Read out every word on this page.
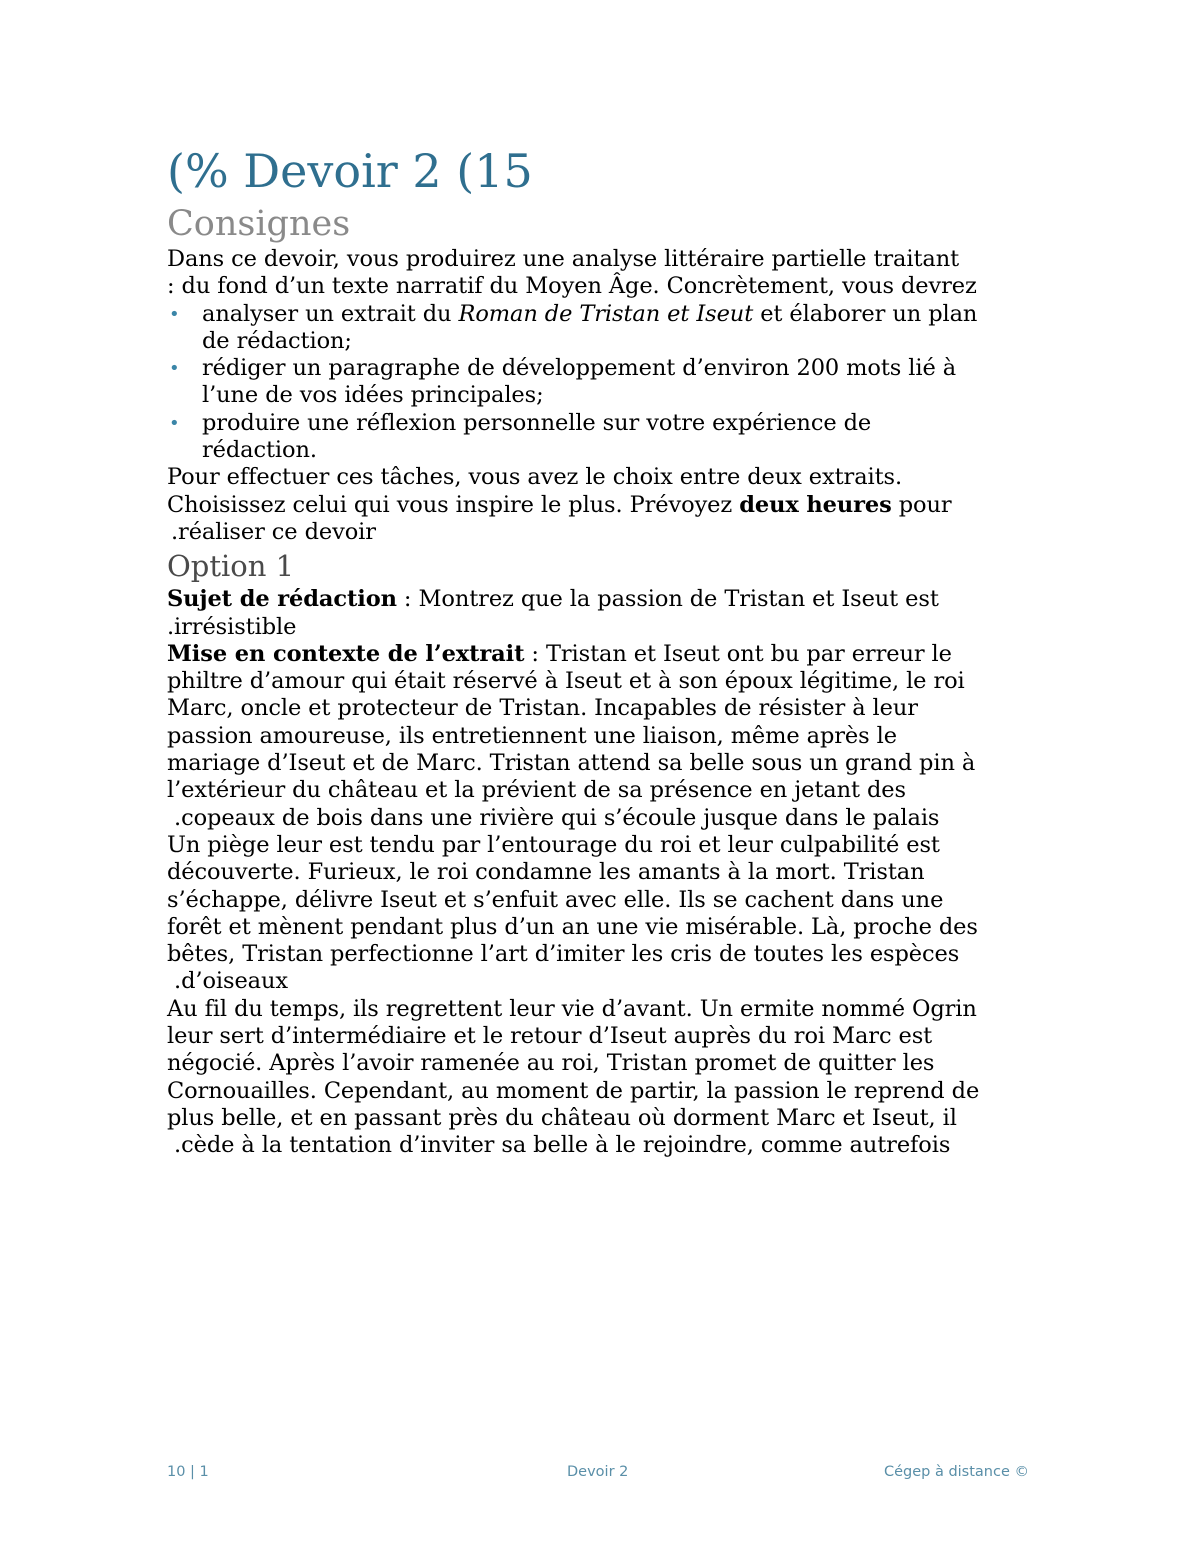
(% Devoir 2 (15
Consignes

Dans ce devoir, vous produirez une analyse littéraire partielle traitant

: du fond d’un texte narratif du Moyen Âge. Concrètement, vous devrez

• analyser un extrait du Roman de Tristan et Iseut et élaborer un plan
de rédaction;
• rédiger un paragraphe de développement d’environ 200 mots lié à
l’une de vos idées principales;
• produire une réflexion personnelle sur votre expérience de
rédaction.

Pour effectuer ces tâches, vous avez le choix entre deux extraits.

Choisissez celui qui vous inspire le plus. Prévoyez deux heures pour

.réaliser ce devoir

Option 1

Sujet de rédaction : Montrez que la passion de Tristan et Iseut est

.irrésistible

Mise en contexte de l’extrait : Tristan et Iseut ont bu par erreur le

philtre d’amour qui était réservé à Iseut et à son époux légitime, le roi

Marc, oncle et protecteur de Tristan. Incapables de résister à leur

passion amoureuse, ils entretiennent une liaison, même après le

mariage d’Iseut et de Marc. Tristan attend sa belle sous un grand pin à

l’extérieur du château et la prévient de sa présence en jetant des

.copeaux de bois dans une rivière qui s’écoule jusque dans le palais

Un piège leur est tendu par l’entourage du roi et leur culpabilité est

découverte. Furieux, le roi condamne les amants à la mort. Tristan

s’échappe, délivre Iseut et s’enfuit avec elle. Ils se cachent dans une

forêt et mènent pendant plus d’un an une vie misérable. Là, proche des

bêtes, Tristan perfectionne l’art d’imiter les cris de toutes les espèces

.d’oiseaux

Au fil du temps, ils regrettent leur vie d’avant. Un ermite nommé Ogrin

leur sert d’intermédiaire et le retour d’Iseut auprès du roi Marc est

négocié. Après l’avoir ramenée au roi, Tristan promet de quitter les

Cornouailles. Cependant, au moment de partir, la passion le reprend de

plus belle, et en passant près du château où dorment Marc et Iseut, il

.cède à la tentation d’inviter sa belle à le rejoindre, comme autrefois

10 | 1	Devoir 2	Cégep à distance ©
